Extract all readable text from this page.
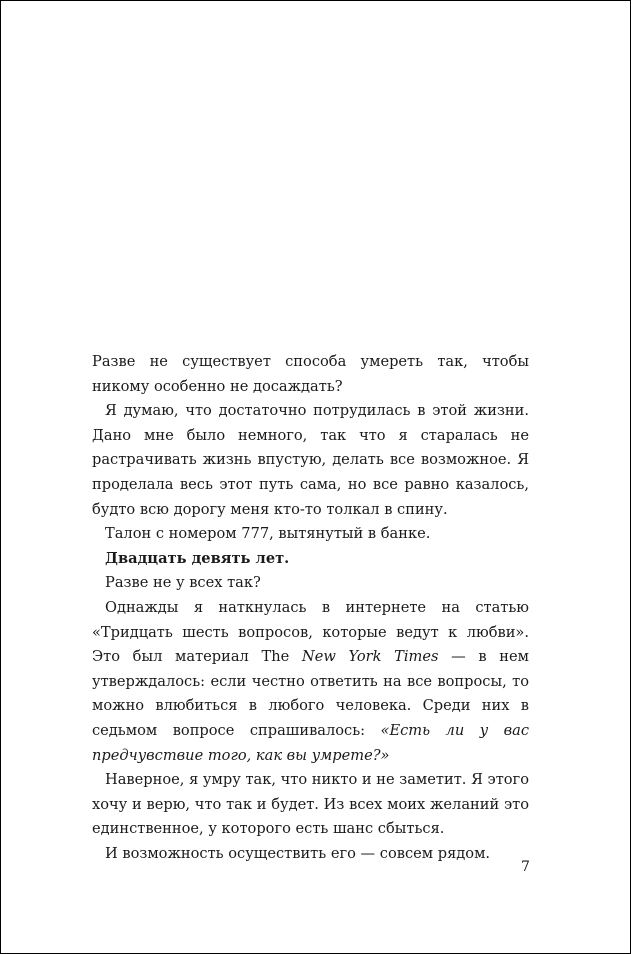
Разве не существует способа умереть так, чтобы никому особенно не досаждать?

Я думаю, что достаточно потрудилась в этой жизни. Дано мне было немного, так что я старалась не растрачивать жизнь впустую, делать все возможное. Я проделала весь этот путь сама, но все равно казалось, будто всю дорогу меня кто-то толкал в спину.

Талон с номером 777, вытянутый в банке.

Двадцать девять лет.

Разве не у всех так?

Однажды я наткнулась в интернете на статью «Тридцать шесть вопросов, которые ведут к любви». Это был материал The New York Times — в нем утверждалось: если честно ответить на все вопросы, то можно влюбиться в любого человека. Среди них в седьмом вопросе спрашивалось: «Есть ли у вас предчувствие того, как вы умрете?»

Наверное, я умру так, что никто и не заметит. Я этого хочу и верю, что так и будет. Из всех моих желаний это единственное, у которого есть шанс сбыться.

И возможность осуществить его — совсем рядом.

7
